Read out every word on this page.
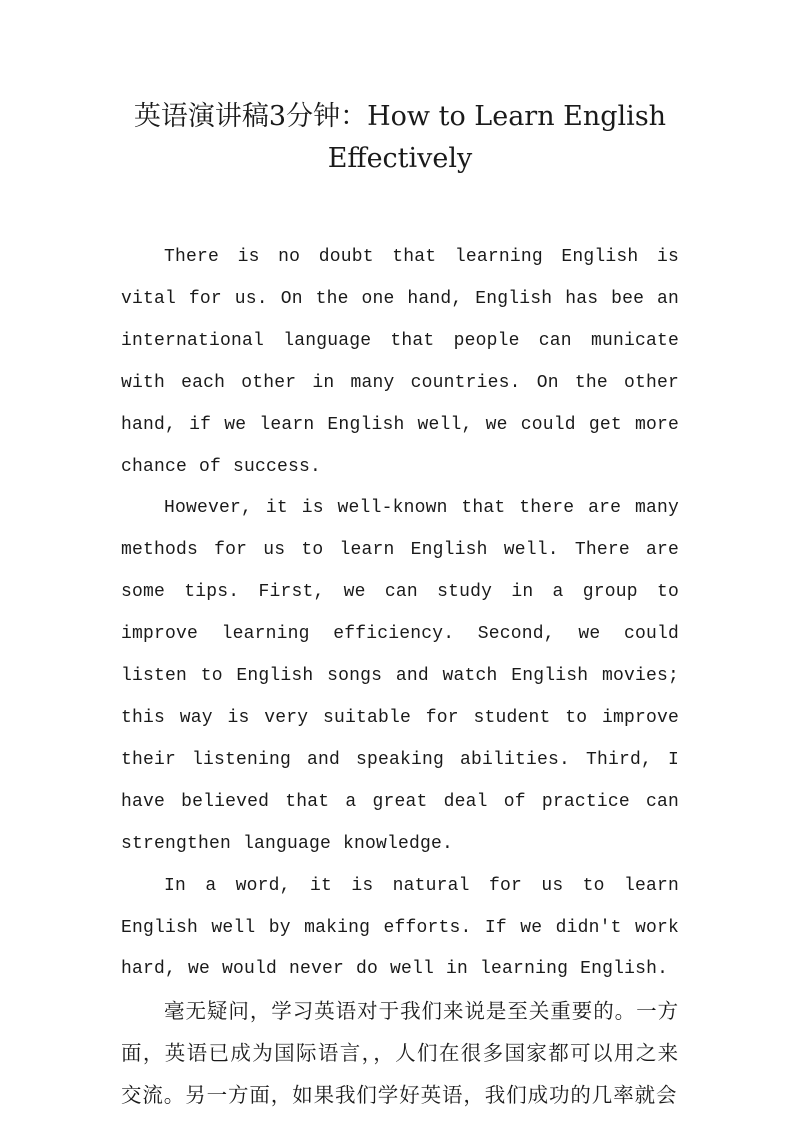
英语演讲稿3分钟：How to Learn English Effectively

There is no doubt that learning English is vital for us. On the one hand, English has bee an international language that people can municate with each other in many countries. On the other hand, if we learn English well, we could get more chance of success.

However, it is well-known that there are many methods for us to learn English well. There are some tips. First, we can study in a group to improve learning efficiency. Second, we could listen to English songs and watch English movies; this way is very suitable for student to improve their listening and speaking abilities. Third, I have believed that a great deal of practice can strengthen language knowledge.

In a word, it is natural for us to learn English well by making efforts. If we didn't work hard, we would never do well in learning English.

毫无疑问，学习英语对于我们来说是至关重要的。一方面，英语已成为国际语言，，人们在很多国家都可以用之来交流。另一方面，如果我们学好英语，我们成功的几率就会
